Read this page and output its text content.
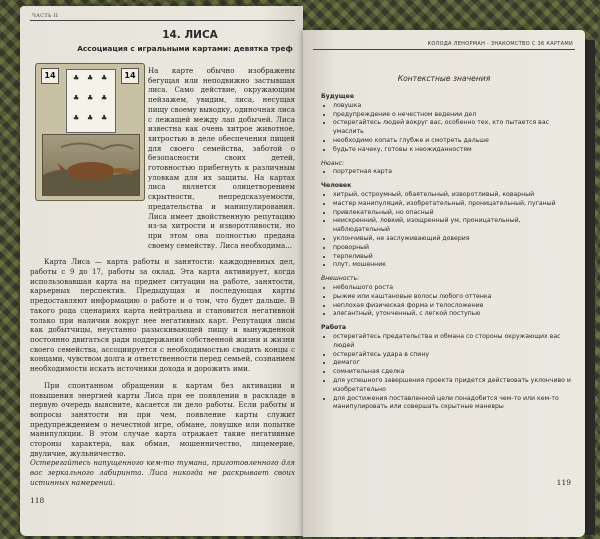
ЧАСТЬ II
14. ЛИСА
Ассоциация с игральными картами: девятка треф
14	14
♣ ♣ ♣
♣ ♣ ♣
♣ ♣ ♣

На карте обычно изображены бегущая или неподвижно застывшая лиса. Само действие, окружающим пейзажем, увидим, лиса, несущая пищу своему выводку, одиночная лиса с лежащей между лап добычей. Лиса известна как очень хитрое животное, хитростью в деле обеспечения пищей для своего семейства, заботой о безопасности своих детей, готовностью прибегнуть к различным уловкам для их защиты. На картах лиса является олицетворением скрытности, непредсказуемости, предательства и манипулирования. Лиса имеет двойственную репутацию из-за хитрости и изворотливости, но при этом она полностью предана своему семейству. Лиса необходима...

Карта Лиса — карта работы и занятости: каждодневных дел, работы с 9 до 17, работы за оклад. Эта карта активирует, когда использовавшая карта на предмет ситуации на работе, занятости, карьерных перспектив. Предыдущая и последующая карты предоставляют информацию о работе и о том, что будет дальше. В такого рода сценариях карта нейтральна и становится негативной только при наличии вокруг нее негативных карт. Репутация лисы как добытчицы, неустанно разыскивающей пищу и вынужденной постоянно двигаться ради поддержания собственной жизни и жизни своего семейства, ассоциируется с необходимостью сводить концы с концами, чувством долга и ответственности перед семьей, сознанием необходимости искать источники дохода и дорожить ими.

При спонтанном обращении к картам без активации и повышения энергией карты Лиса при ее появлении в раскладе в первую очередь выясните, касается ли дело работы. Если работы и вопросы занятости ни при чем, появление карты служит предупреждением о нечестной игре, обмане, ловушке или попытке манипуляции. В этом случае карта отражает такие негативные стороны характера, как обман, мошенничество, лицемерие, двуличие, жульничество.

Остерегайтесь напущенного кем-то тумана, приготовленного для вас зеркального лабиринта. Лиса никогда не раскрывает своих истинных намерений.

118
КОЛОДА ЛЕНОРМАН · ЗНАКОМСТВО С 36 КАРТАМИ
Контекстные значения
Будущее
• ловушка
• предупреждение о нечестном ведении дел
• остерегайтесь людей вокруг вас, особенно тех, кто пытается вас умаслить
• необходимо копать глубже и смотреть дальше
• будьте начеку, готовы к неожиданностям
Нюанс:
• портретная карта
Человек
• хитрый, остроумный, обаятельный, изворотливый, коварный
• мастер манипуляций, изобретательный, проницательный, пуганый
• привлекательный, но опасный
• неискренний, ловкий, изощренный ум, проницательный, наблюдательный
• уклончивый, не заслуживающий доверия
• проворный
• терпеливый
• плут, мошенник
Внешность:
• небольшого роста
• рыжие или каштановые волосы любого оттенка
• неплохая физическая форма и телосложение
• элегантный, утонченный, с легкой поступью
Работа
• остерегайтесь предательства и обмана со стороны окружающих вас людей
• остерегайтесь удара в спину
• демагог
• сомнительная сделка
• для успешного завершения проекта придется действовать уклончиво и изобретательно
• для достижения поставленной цели понадобится чем-то или кем-то манипулировать или совершать скрытные маневры
119
